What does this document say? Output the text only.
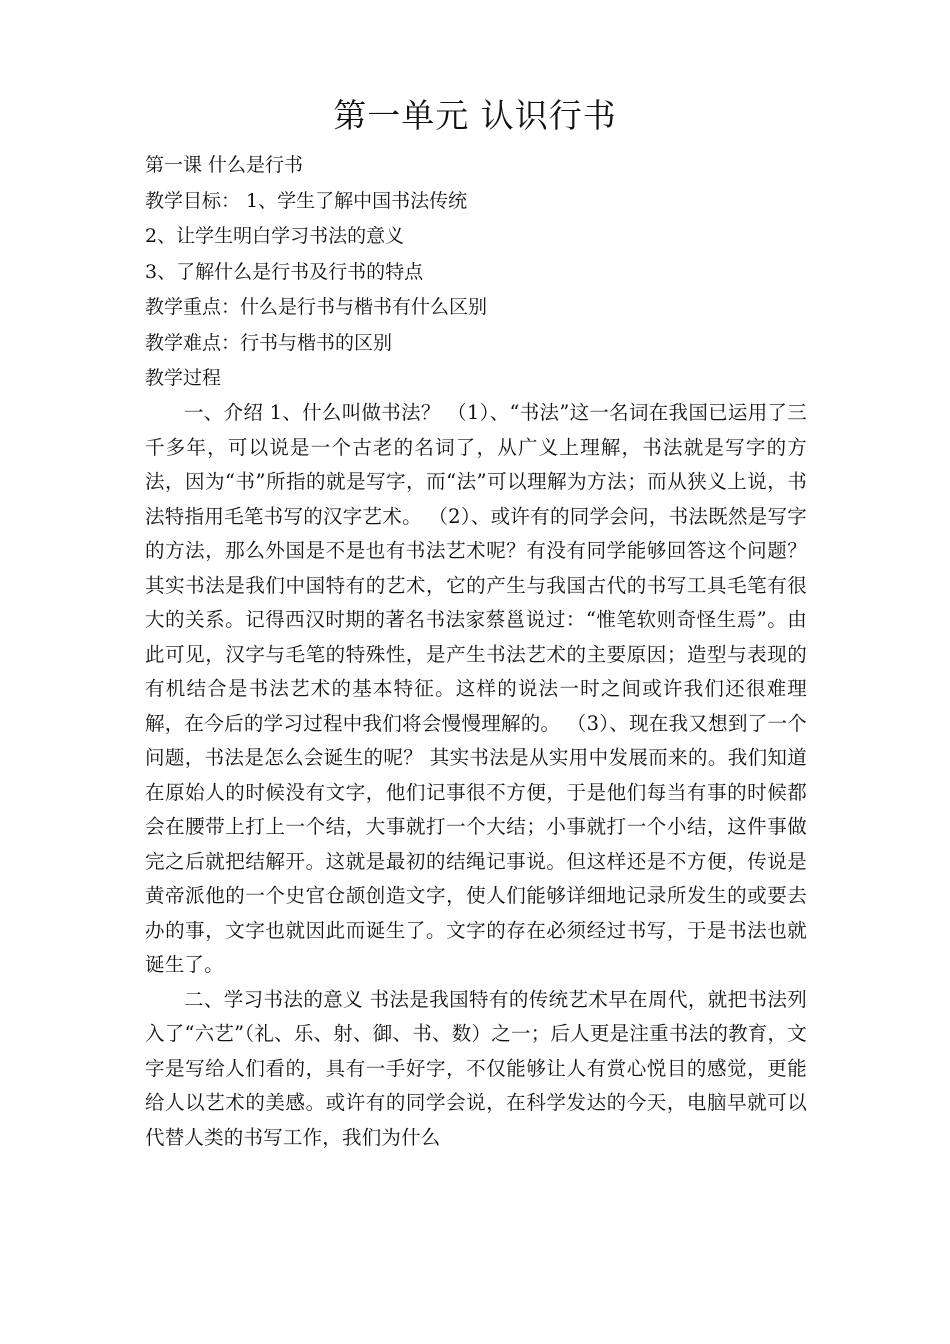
第一单元 认识行书
第一课 什么是行书
教学目标： 1、学生了解中国书法传统
2、让学生明白学习书法的意义
3、了解什么是行书及行书的特点
教学重点：什么是行书与楷书有什么区别
教学难点：行书与楷书的区别
教学过程

一、介绍 1、什么叫做书法？ （1）、“书法”这一名词在我国已运用了三千多年，可以说是一个古老的名词了，从广义上理解，书法就是写字的方法，因为“书”所指的就是写字，而“法”可以理解为方法；而从狭义上说，书法特指用毛笔书写的汉字艺术。 （2）、或许有的同学会问，书法既然是写字的方法，那么外国是不是也有书法艺术呢？有没有同学能够回答这个问题？ 其实书法是我们中国特有的艺术，它的产生与我国古代的书写工具毛笔有很大的关系。记得西汉时期的著名书法家蔡邕说过：“惟笔软则奇怪生焉”。由此可见，汉字与毛笔的特殊性，是产生书法艺术的主要原因；造型与表现的有机结合是书法艺术的基本特征。这样的说法一时之间或许我们还很难理解，在今后的学习过程中我们将会慢慢理解的。 （3）、现在我又想到了一个问题，书法是怎么会诞生的呢？ 其实书法是从实用中发展而来的。我们知道在原始人的时候没有文字，他们记事很不方便，于是他们每当有事的时候都会在腰带上打上一个结，大事就打一个大结；小事就打一个小结，这件事做完之后就把结解开。这就是最初的结绳记事说。但这样还是不方便，传说是黄帝派他的一个史官仓颉创造文字，使人们能够详细地记录所发生的或要去办的事，文字也就因此而诞生了。文字的存在必须经过书写，于是书法也就诞生了。

二、学习书法的意义 书法是我国特有的传统艺术早在周代，就把书法列入了“六艺”（礼、乐、射、御、书、数）之一；后人更是注重书法的教育，文字是写给人们看的，具有一手好字，不仅能够让人有赏心悦目的感觉，更能给人以艺术的美感。或许有的同学会说，在科学发达的今天，电脑早就可以代替人类的书写工作，我们为什么
